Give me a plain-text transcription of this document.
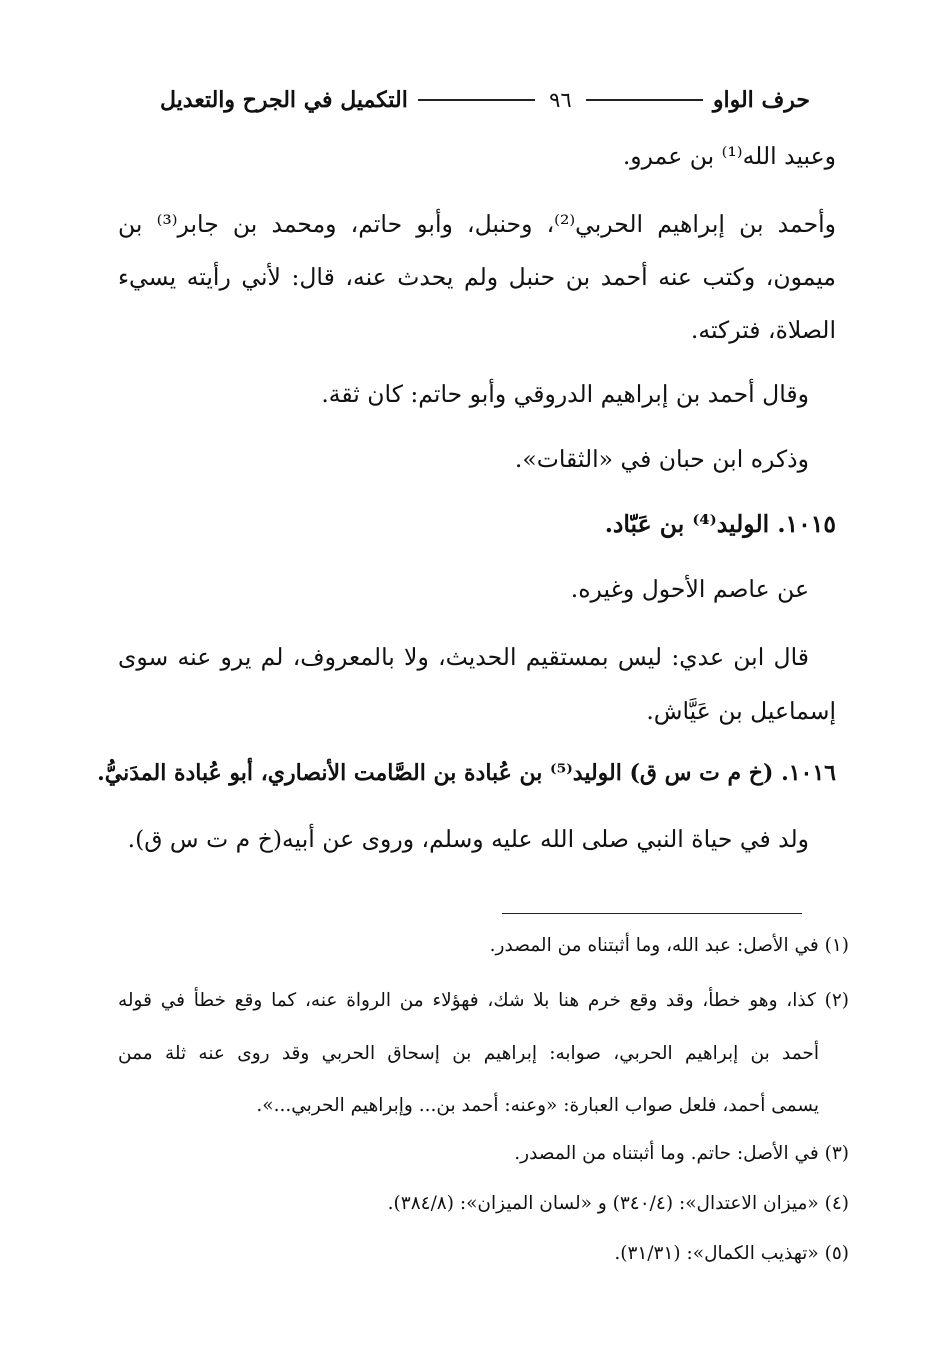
التكميل في الجرح والتعديل	٩٦	حرف الواو
وعبيد الله⁽¹⁾ بن عمرو.
وأحمد بن إبراهيم الحربي⁽²⁾، وحنبل، وأبو حاتم، ومحمد بن جابر⁽³⁾ بن
ميمون، وكتب عنه أحمد بن حنبل ولم يحدث عنه، قال: لأني رأيته يسيء
الصلاة، فتركته.
وقال أحمد بن إبراهيم الدروقي وأبو حاتم: كان ثقة.
وذكره ابن حبان في «الثقات».
١٠١٥. الوليد⁽⁴⁾ بن عَبّاد.
عن عاصم الأحول وغيره.
قال ابن عدي: ليس بمستقيم الحديث، ولا بالمعروف، لم يرو عنه سوى
إسماعيل بن عَيَّاش.
١٠١٦. (خ م ت س ق) الوليد⁽⁵⁾ بن عُبادة بن الصَّامت الأنصاري، أبو عُبادة المدَنيُّ.
ولد في حياة النبي صلى الله عليه وسلم، وروى عن أبيه(خ م ت س ق).
(١) في الأصل: عبد الله، وما أثبتناه من المصدر.
(٢) كذا، وهو خطأ، وقد وقع خرم هنا بلا شك، فهؤلاء من الرواة عنه، كما وقع خطأ في قوله
أحمد بن إبراهيم الحربي، صوابه: إبراهيم بن إسحاق الحربي وقد روى عنه ثلة ممن
يسمى أحمد، فلعل صواب العبارة: «وعنه: أحمد بن... وإبراهيم الحربي...».
(٣) في الأصل: حاتم. وما أثبتناه من المصدر.
(٤) «ميزان الاعتدال»: (٣٤٠/٤) و «لسان الميزان»: (٣٨٤/٨).
(٥) «تهذيب الكمال»: (٣١/٣١).
